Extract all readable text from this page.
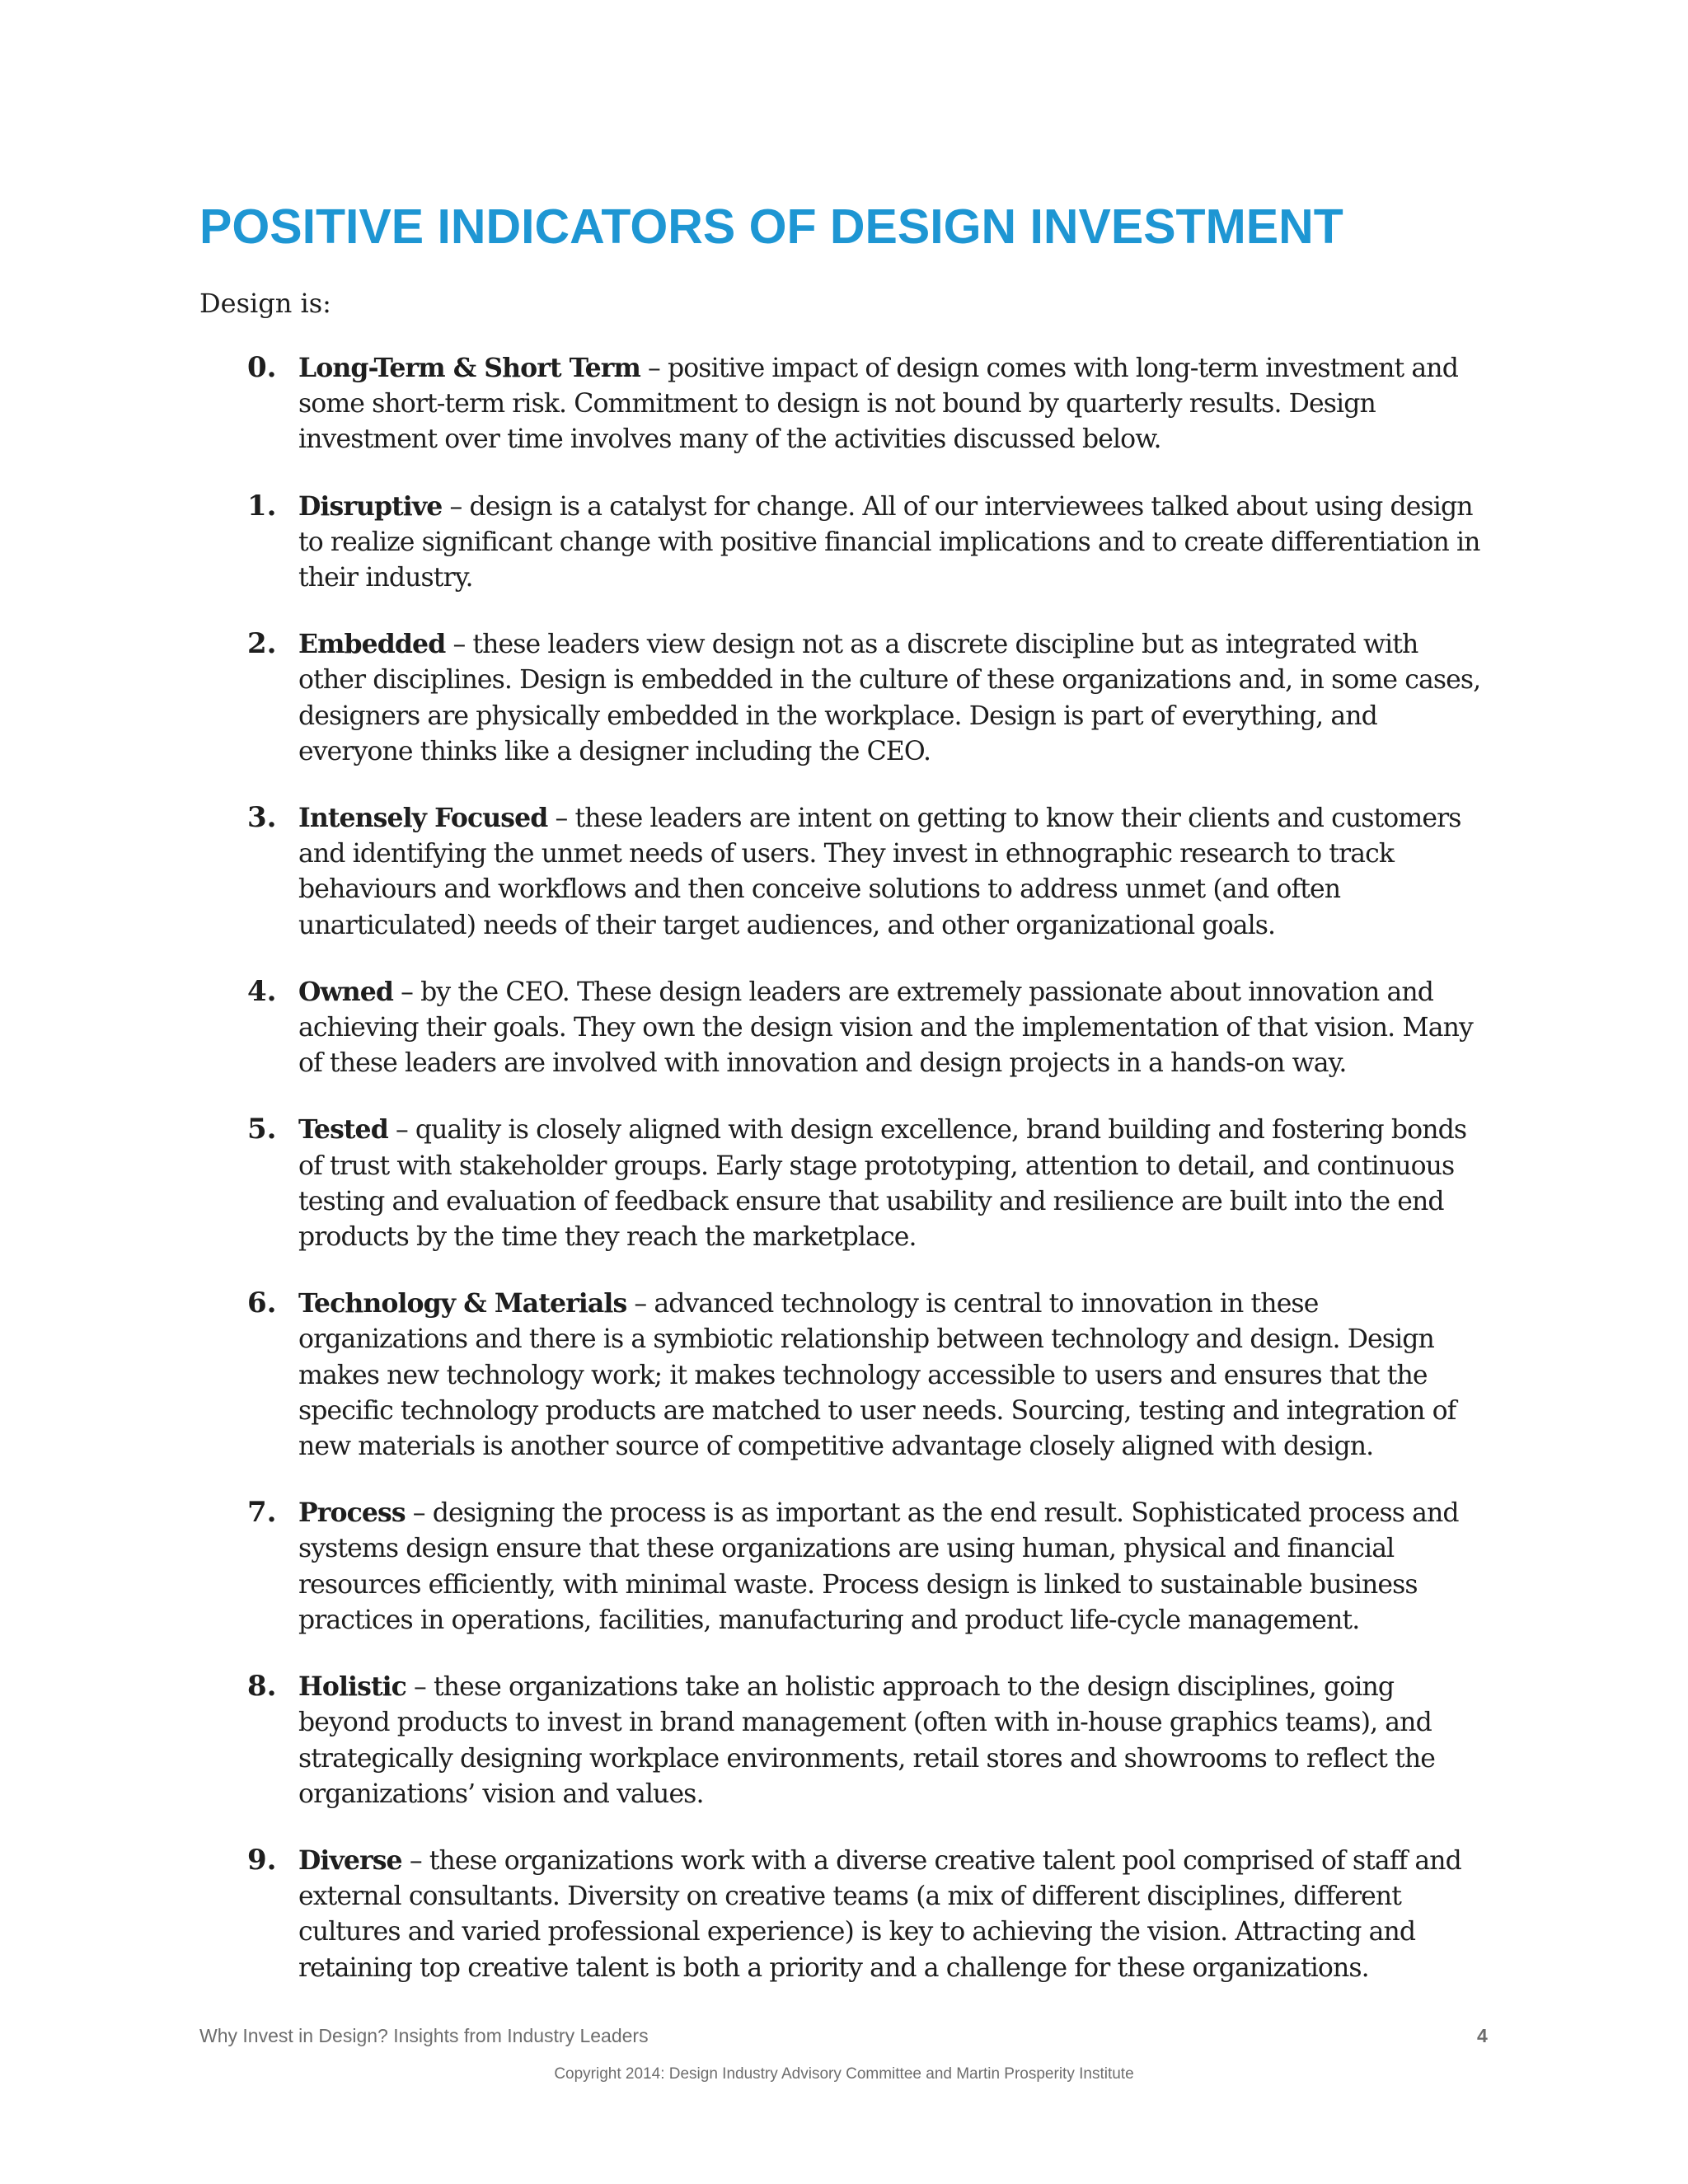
POSITIVE INDICATORS OF DESIGN INVESTMENT

Design is:

0. Long-Term & Short Term – positive impact of design comes with long-term investment and some short-term risk. Commitment to design is not bound by quarterly results. Design investment over time involves many of the activities discussed below.
1. Disruptive – design is a catalyst for change. All of our interviewees talked about using design to realize significant change with positive financial implications and to create differentiation in their industry.
2. Embedded – these leaders view design not as a discrete discipline but as integrated with other disciplines. Design is embedded in the culture of these organizations and, in some cases, designers are physically embedded in the workplace. Design is part of everything, and everyone thinks like a designer including the CEO.
3. Intensely Focused – these leaders are intent on getting to know their clients and customers and identifying the unmet needs of users. They invest in ethnographic research to track behaviours and workflows and then conceive solutions to address unmet (and often unarticulated) needs of their target audiences, and other organizational goals.
4. Owned – by the CEO. These design leaders are extremely passionate about innovation and achieving their goals. They own the design vision and the implementation of that vision. Many of these leaders are involved with innovation and design projects in a hands-on way.
5. Tested – quality is closely aligned with design excellence, brand building and fostering bonds of trust with stakeholder groups. Early stage prototyping, attention to detail, and continuous testing and evaluation of feedback ensure that usability and resilience are built into the end products by the time they reach the marketplace.
6. Technology & Materials – advanced technology is central to innovation in these organizations and there is a symbiotic relationship between technology and design. Design makes new technology work; it makes technology accessible to users and ensures that the specific technology products are matched to user needs. Sourcing, testing and integration of new materials is another source of competitive advantage closely aligned with design.
7. Process – designing the process is as important as the end result. Sophisticated process and systems design ensure that these organizations are using human, physical and financial resources efficiently, with minimal waste. Process design is linked to sustainable business practices in operations, facilities, manufacturing and product life-cycle management.
8. Holistic – these organizations take an holistic approach to the design disciplines, going beyond products to invest in brand management (often with in-house graphics teams), and strategically designing workplace environments, retail stores and showrooms to reflect the organizations’ vision and values.
9. Diverse – these organizations work with a diverse creative talent pool comprised of staff and external consultants. Diversity on creative teams (a mix of different disciplines, different cultures and varied professional experience) is key to achieving the vision. Attracting and retaining top creative talent is both a priority and a challenge for these organizations.
Why Invest in Design? Insights from Industry Leaders	4
Copyright 2014: Design Industry Advisory Committee and Martin Prosperity Institute
